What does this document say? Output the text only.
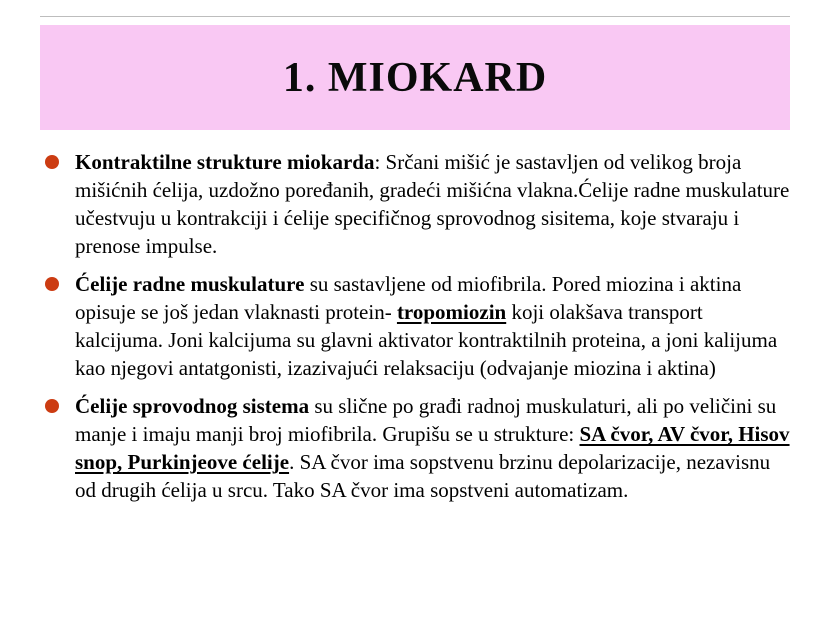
1. MIOKARD
Kontraktilne strukture miokarda: Srčani mišić je sastavljen od velikog broja mišićnih ćelija, uzdožno poređanih, gradeći mišićna vlakna.Ćelije radne muskulature učestvuju u kontrakciji i ćelije specifičnog sprovodnog sisitema, koje stvaraju i prenose impulse.
Ćelije radne muskulature su sastavljene od miofibrila. Pored miozina i aktina opisuje se još jedan vlaknasti protein- tropomiozin koji olakšava transport kalcijuma. Joni kalcijuma su glavni aktivator kontraktilnih proteina, a joni kalijuma kao njegovi antatgonisti, izazivajući relaksaciju (odvajanje miozina i aktina)
Ćelije sprovodnog sistema su slične po građi radnoj muskulaturi, ali po veličini su manje i imaju manji broj miofibrila. Grupišu se u strukture: SA čvor, AV čvor, Hisov snop, Purkinjeove ćelije. SA čvor ima sopstvenu brzinu depolarizacije, nezavisnu od drugih ćelija u srcu. Tako SA čvor ima sopstveni automatizam.
